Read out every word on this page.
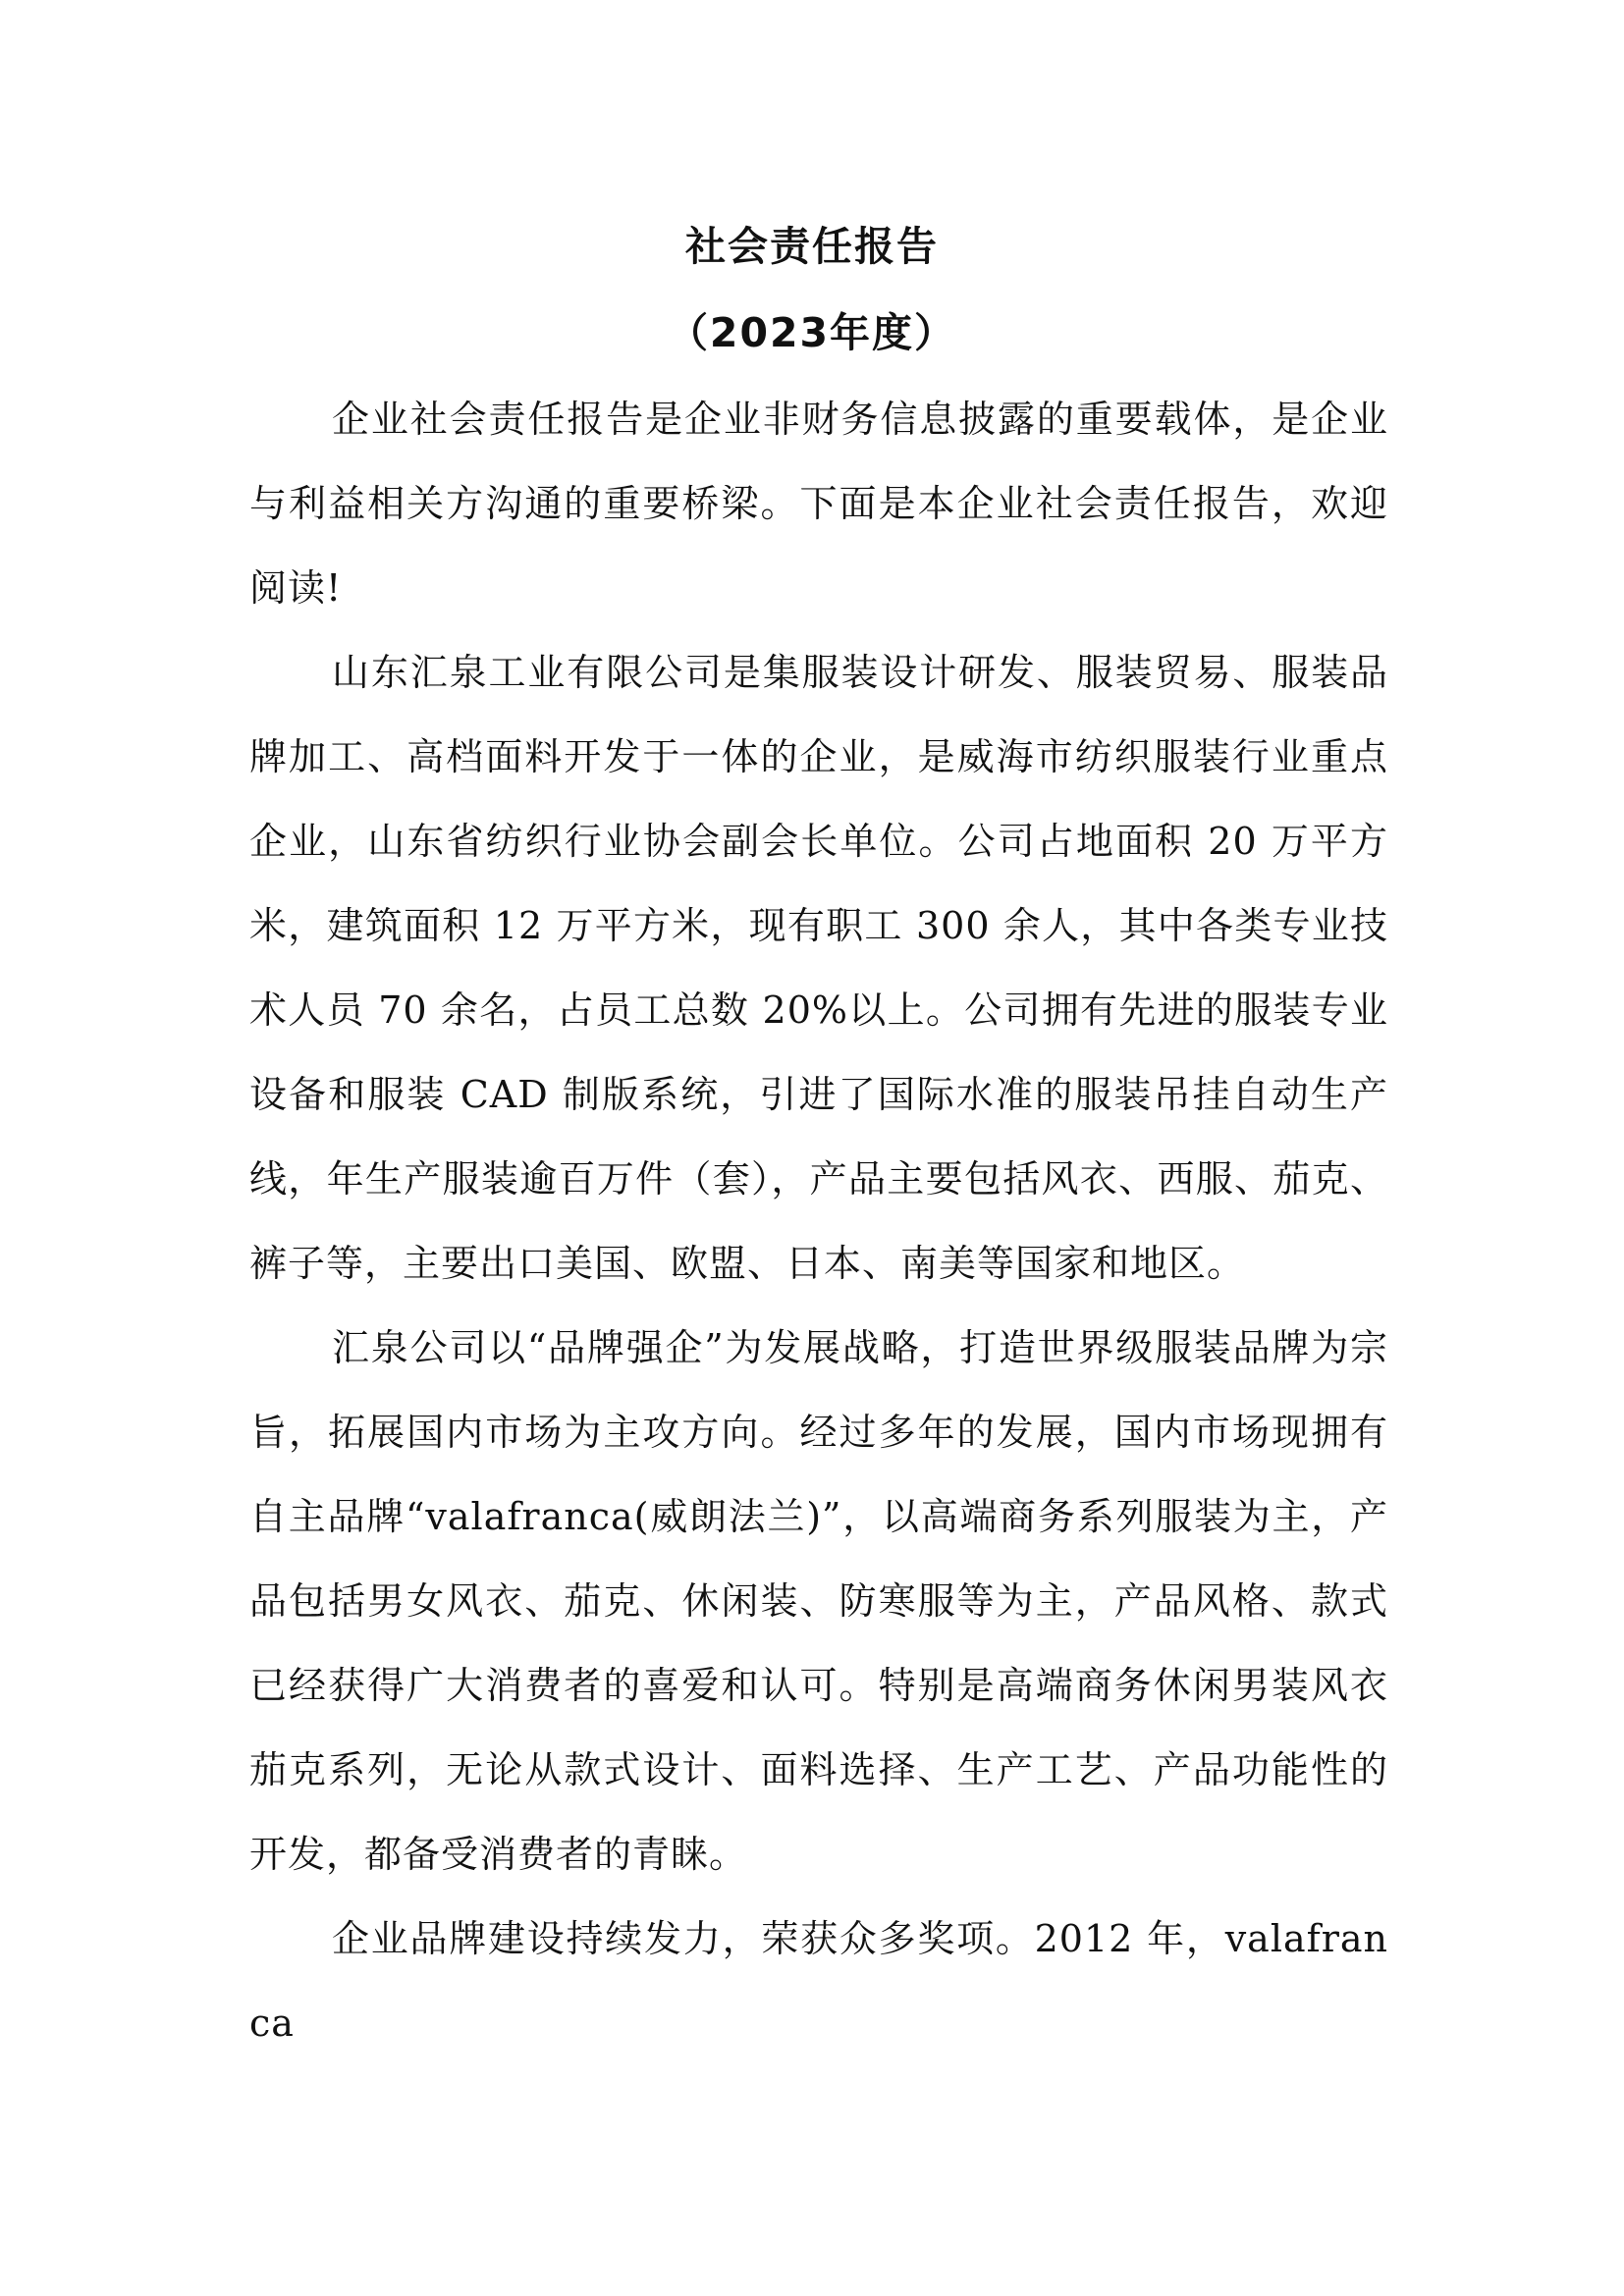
社会责任报告
（2023年度）

企业社会责任报告是企业非财务信息披露的重要载体，是企业与利益相关方沟通的重要桥梁。下面是本企业社会责任报告，欢迎阅读!

山东汇泉工业有限公司是集服装设计研发、服装贸易、服装品牌加工、高档面料开发于一体的企业，是威海市纺织服装行业重点企业，山东省纺织行业协会副会长单位。公司占地面积 20 万平方米，建筑面积 12 万平方米，现有职工 300 余人，其中各类专业技术人员 70 余名，占员工总数 20%以上。公司拥有先进的服装专业设备和服装 CAD 制版系统，引进了国际水准的服装吊挂自动生产线，年生产服装逾百万件（套），产品主要包括风衣、西服、茄克、裤子等，主要出口美国、欧盟、日本、南美等国家和地区。

汇泉公司以“品牌强企”为发展战略，打造世界级服装品牌为宗旨，拓展国内市场为主攻方向。经过多年的发展，国内市场现拥有自主品牌“valafranca(威朗法兰)”，以高端商务系列服装为主，产品包括男女风衣、茄克、休闲装、防寒服等为主，产品风格、款式已经获得广大消费者的喜爱和认可。特别是高端商务休闲男装风衣茄克系列，无论从款式设计、面料选择、生产工艺、产品功能性的开发，都备受消费者的青睐。

企业品牌建设持续发力，荣获众多奖项。2012 年，valafranca
